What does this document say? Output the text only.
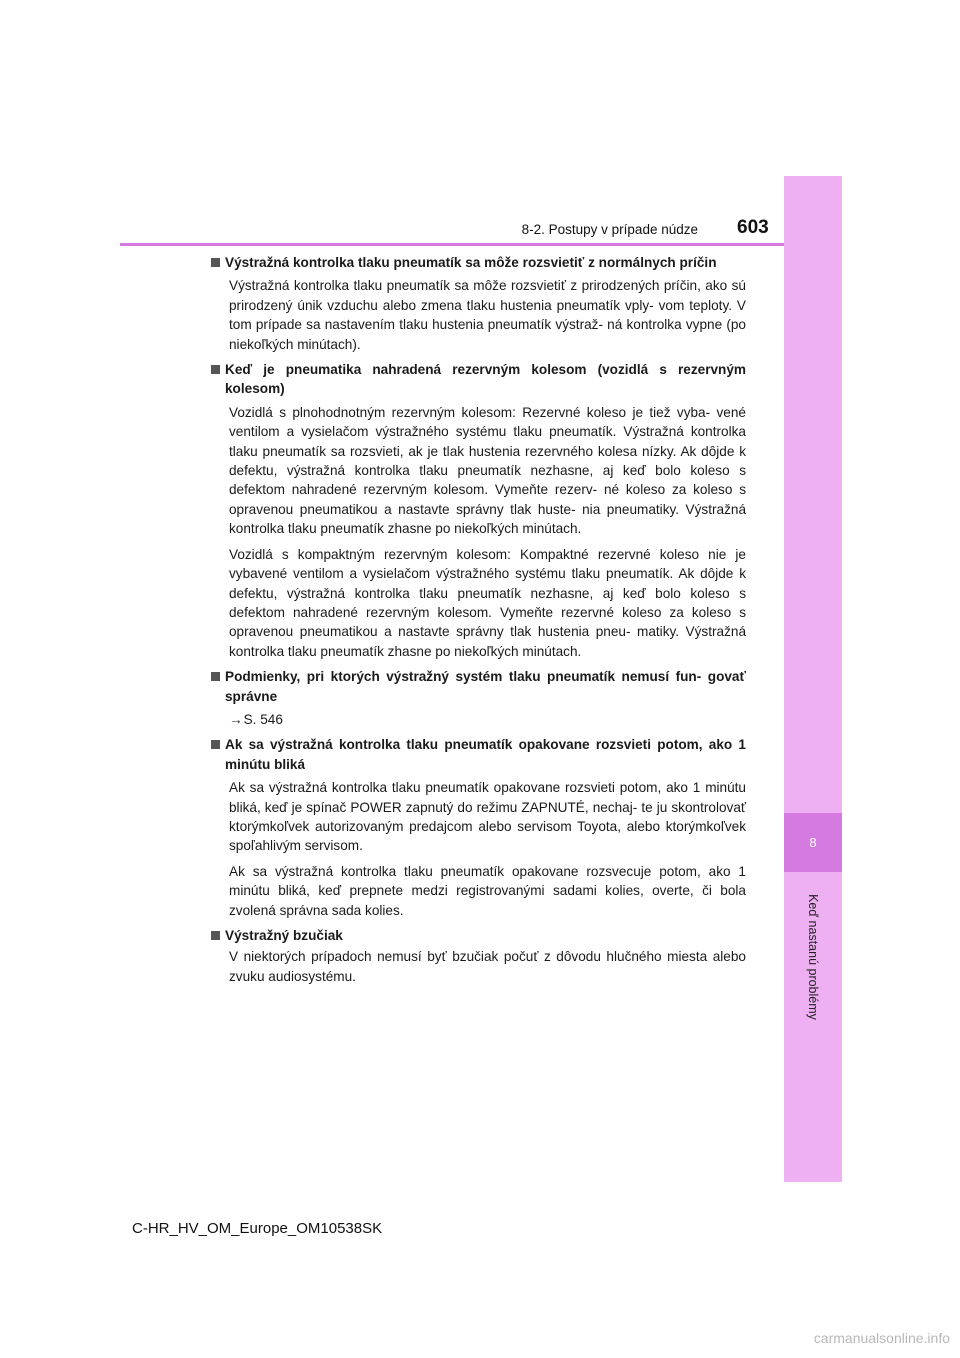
8
Keď nastanú problémy
8-2. Postupy v prípade núdze 603
Výstražná kontrolka tlaku pneumatík sa môže rozsvietiť z normálnych príčin

Výstražná kontrolka tlaku pneumatík sa môže rozsvietiť z prirodzených príčin, ako sú prirodzený únik vzduchu alebo zmena tlaku hustenia pneumatík vply- vom teploty. V tom prípade sa nastavením tlaku hustenia pneumatík výstraž- ná kontrolka vypne (po niekoľkých minútach).

Keď je pneumatika nahradená rezervným kolesom (vozidlá s rezervným kolesom)

Vozidlá s plnohodnotným rezervným kolesom: Rezervné koleso je tiež vyba- vené ventilom a vysielačom výstražného systému tlaku pneumatík. Výstražná kontrolka tlaku pneumatík sa rozsvieti, ak je tlak hustenia rezervného kolesa nízky. Ak dôjde k defektu, výstražná kontrolka tlaku pneumatík nezhasne, aj keď bolo koleso s defektom nahradené rezervným kolesom. Vymeňte rezerv- né koleso za koleso s opravenou pneumatikou a nastavte správny tlak huste- nia pneumatiky. Výstražná kontrolka tlaku pneumatík zhasne po niekoľkých minútach.

Vozidlá s kompaktným rezervným kolesom: Kompaktné rezervné koleso nie je vybavené ventilom a vysielačom výstražného systému tlaku pneumatík. Ak dôjde k defektu, výstražná kontrolka tlaku pneumatík nezhasne, aj keď bolo koleso s defektom nahradené rezervným kolesom. Vymeňte rezervné koleso za koleso s opravenou pneumatikou a nastavte správny tlak hustenia pneu- matiky. Výstražná kontrolka tlaku pneumatík zhasne po niekoľkých minútach.

Podmienky, pri ktorých výstražný systém tlaku pneumatík nemusí fun- govať správne

→S. 546

Ak sa výstražná kontrolka tlaku pneumatík opakovane rozsvieti potom, ako 1 minútu bliká

Ak sa výstražná kontrolka tlaku pneumatík opakovane rozsvieti potom, ako 1 minútu bliká, keď je spínač POWER zapnutý do režimu ZAPNUTÉ, nechaj- te ju skontrolovať ktorýmkoľvek autorizovaným predajcom alebo servisom Toyota, alebo ktorýmkoľvek spoľahlivým servisom.

Ak sa výstražná kontrolka tlaku pneumatík opakovane rozsvecuje potom, ako 1 minútu bliká, keď prepnete medzi registrovanými sadami kolies, overte, či bola zvolená správna sada kolies.

Výstražný bzučiak

V niektorých prípadoch nemusí byť bzučiak počuť z dôvodu hlučného miesta alebo zvuku audiosystému.

C-HR_HV_OM_Europe_OM10538SK
carmanualsonline.info
